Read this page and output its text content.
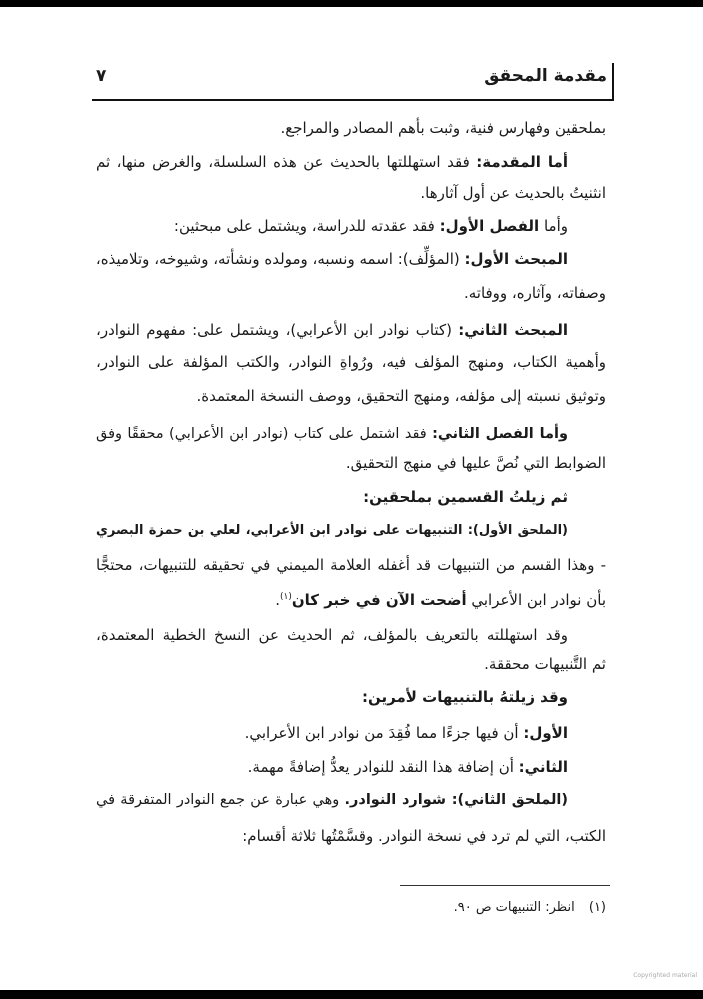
مقدمة المحقق
٧
بملحقين وفهارس فنية، وثبت بأهم المصادر والمراجع.
أما المقدمة: فقد استهللتها بالحديث عن هذه السلسلة، والغرض منها، ثم
انثنيتُ بالحديث عن أول آثارها.
وأما الفصل الأول: فقد عقدته للدراسة، ويشتمل على مبحثين:
المبحث الأول: (المؤلِّف): اسمه ونسبه، ومولده ونشأته، وشيوخه، وتلاميذه،
وصفاته، وآثاره، ووفاته.
المبحث الثاني: (كتاب نوادر ابن الأعرابي)، ويشتمل على: مفهوم النوادر،
وأهمية الكتاب، ومنهج المؤلف فيه، ورُواةِ النوادر، والكتب المؤلفة على النوادر،
وتوثيق نسبته إلى مؤلفه، ومنهج التحقيق، ووصف النسخة المعتمدة.
وأما الفصل الثاني: فقد اشتمل على كتاب (نوادر ابن الأعرابي) محققًا وفق
الضوابط التي نُصَّ عليها في منهج التحقيق.
ثم زيلتُ القسمين بملحقين:
(الملحق الأول): التنبيهات على نوادر ابن الأعرابي، لعلي بن حمزة البصري
- وهذا القسم من التنبيهات قد أغفله العلامة الميمني في تحقيقه للتنبيهات، محتجًّا
بأن نوادر ابن الأعرابي أضحت الآن في خبر كان$^{(١)}$.
وقد استهللته بالتعريف بالمؤلف، ثم الحديث عن النسخ الخطية المعتمدة،
ثم التَّنبيهات محققة.
وقد زيلتهُ بالتنبيهات لأمرين:
الأول: أن فيها جزءًا مما فُقِدَ من نوادر ابن الأعرابي.
الثاني: أن إضافة هذا النقد للنوادر يعدُّ إضافةً مهمة.
(الملحق الثاني): شوارد النوادر. وهي عبارة عن جمع النوادر المتفرقة في
الكتب، التي لم ترد في نسخة النوادر. وقسَّمْتُها ثلاثة أقسام:
(١) انظر: التنبيهات ص ٩٠.
Copyrighted material
